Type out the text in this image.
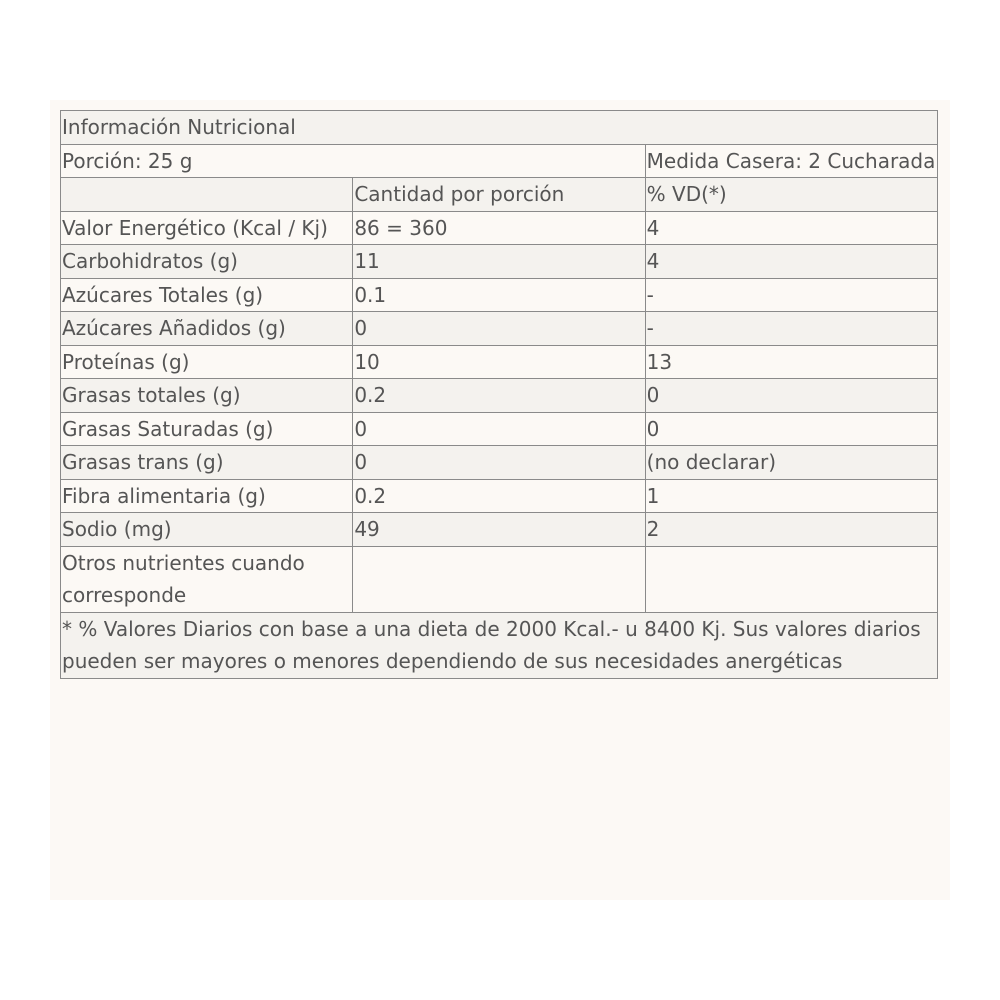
Información Nutricional		
Porción: 25 g		Medida Casera: 2 Cucharada
	Cantidad por porción	% VD(*)
Valor Energético (Kcal / Kj)	86 = 360	4
Carbohidratos (g)	11	4
Azúcares Totales (g)	0.1	-
Azúcares Añadidos (g)	0	-
Proteínas (g)	10	13
Grasas totales (g)	0.2	0
Grasas Saturadas (g)	0	0
Grasas trans (g)	0	(no declarar)
Fibra alimentaria (g)	0.2	1
Sodio (mg)	49	2
Otros nutrientes cuando corresponde		
* % Valores Diarios con base a una dieta de 2000 Kcal.- u 8400 Kj. Sus valores diarios pueden ser mayores o menores dependiendo de sus necesidades anergéticas		
